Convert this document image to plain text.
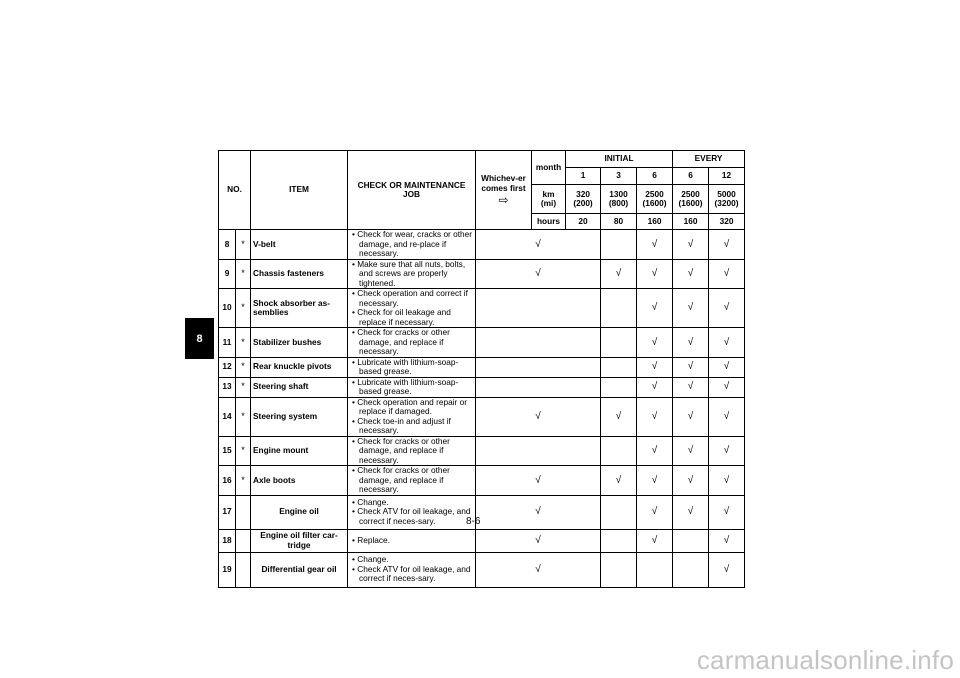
8
NO.		ITEM	CHECK OR MAINTENANCE JOB	Whichev-er comes first
⇨	month	INITIAL			EVERY	
						1	3	6	6	12
					km (mi)	320 (200)	1300 (800)	2500 (1600)	2500 (1600)	5000 (3200)
					hours	20	80	160	160	320
8	*	V-belt	• Check for wear, cracks or other damage, and re-place if necessary.	√				√	√	√
9	*	Chassis fasteners	• Make sure that all nuts, bolts, and screws are properly tightened.	√			√	√	√	√
10	*	Shock absorber as-semblies	• Check operation and correct if necessary.
• Check for oil leakage and replace if necessary.					√	√	√
11	*	Stabilizer bushes	• Check for cracks or other damage, and replace if necessary.					√	√	√
12	*	Rear knuckle pivots	• Lubricate with lithium-soap-based grease.					√	√	√
13	*	Steering shaft	• Lubricate with lithium-soap-based grease.					√	√	√
14	*	Steering system	• Check operation and repair or replace if damaged.
• Check toe-in and adjust if necessary.	√			√	√	√	√
15	*	Engine mount	• Check for cracks or other damage, and replace if necessary.					√	√	√
16	*	Axle boots	• Check for cracks or other damage, and replace if necessary.	√			√	√	√	√
17		Engine oil	• Change.
• Check ATV for oil leakage, and correct if neces-sary.	√				√	√	√
18		Engine oil filter car-tridge	• Replace.	√				√		√
19		Differential gear oil	• Change.
• Check ATV for oil leakage, and correct if neces-sary.	√						√
8-6
carmanualsonline.info
